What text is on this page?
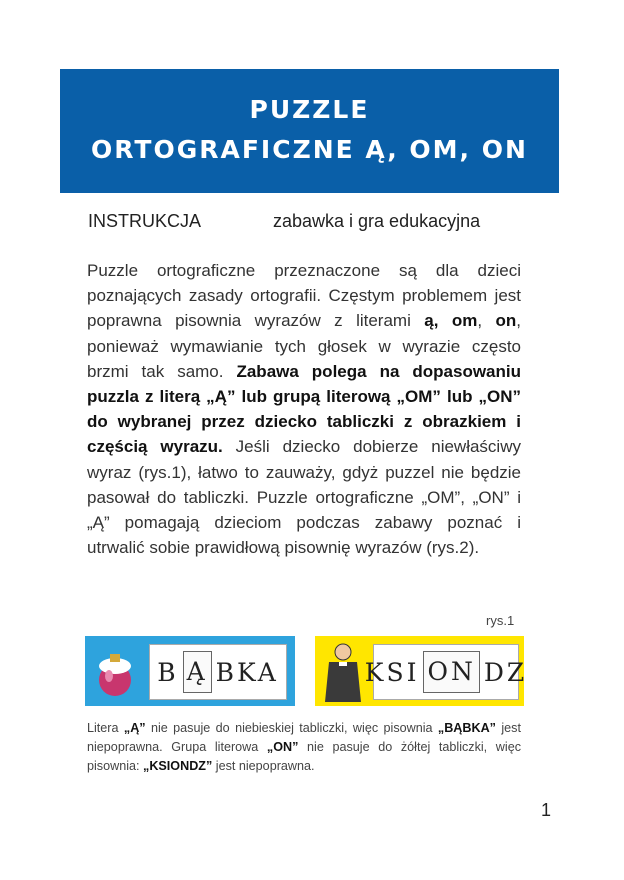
PUZZLE
ORTOGRAFICZNE Ą, OM, ON
INSTRUKCJA	zabawka i gra edukacyjna
Puzzle ortograficzne przeznaczone są dla dzieci poznających zasady ortografii. Częstym problemem jest poprawna pisownia wyrazów z literami ą, om, on, ponieważ wymawianie tych głosek w wyrazie często brzmi tak samo. Zabawa polega na dopasowaniu puzzla z literą „Ą” lub grupą literową „OM” lub „ON” do wybranej przez dziecko tabliczki z obrazkiem i częścią wyrazu. Jeśli dziecko dobierze niewłaściwy wyraz (rys.1), łatwo to zauważy, gdyż puzzel nie będzie pasował do tabliczki. Puzzle ortograficzne „OM”, „ON” i „Ą” pomagają dzieciom podczas zabawy poznać i utrwalić sobie prawidłową pisownię wyrazów (rys.2).
rys.1
B Ą BKA	KSI ON DZ
Litera „Ą” nie pasuje do niebieskiej tabliczki, więc pisownia „BĄBKA” jest niepoprawna. Grupa literowa „ON” nie pasuje do żółtej tabliczki, więc pisownia: „KSIONDZ” jest niepoprawna.
1
